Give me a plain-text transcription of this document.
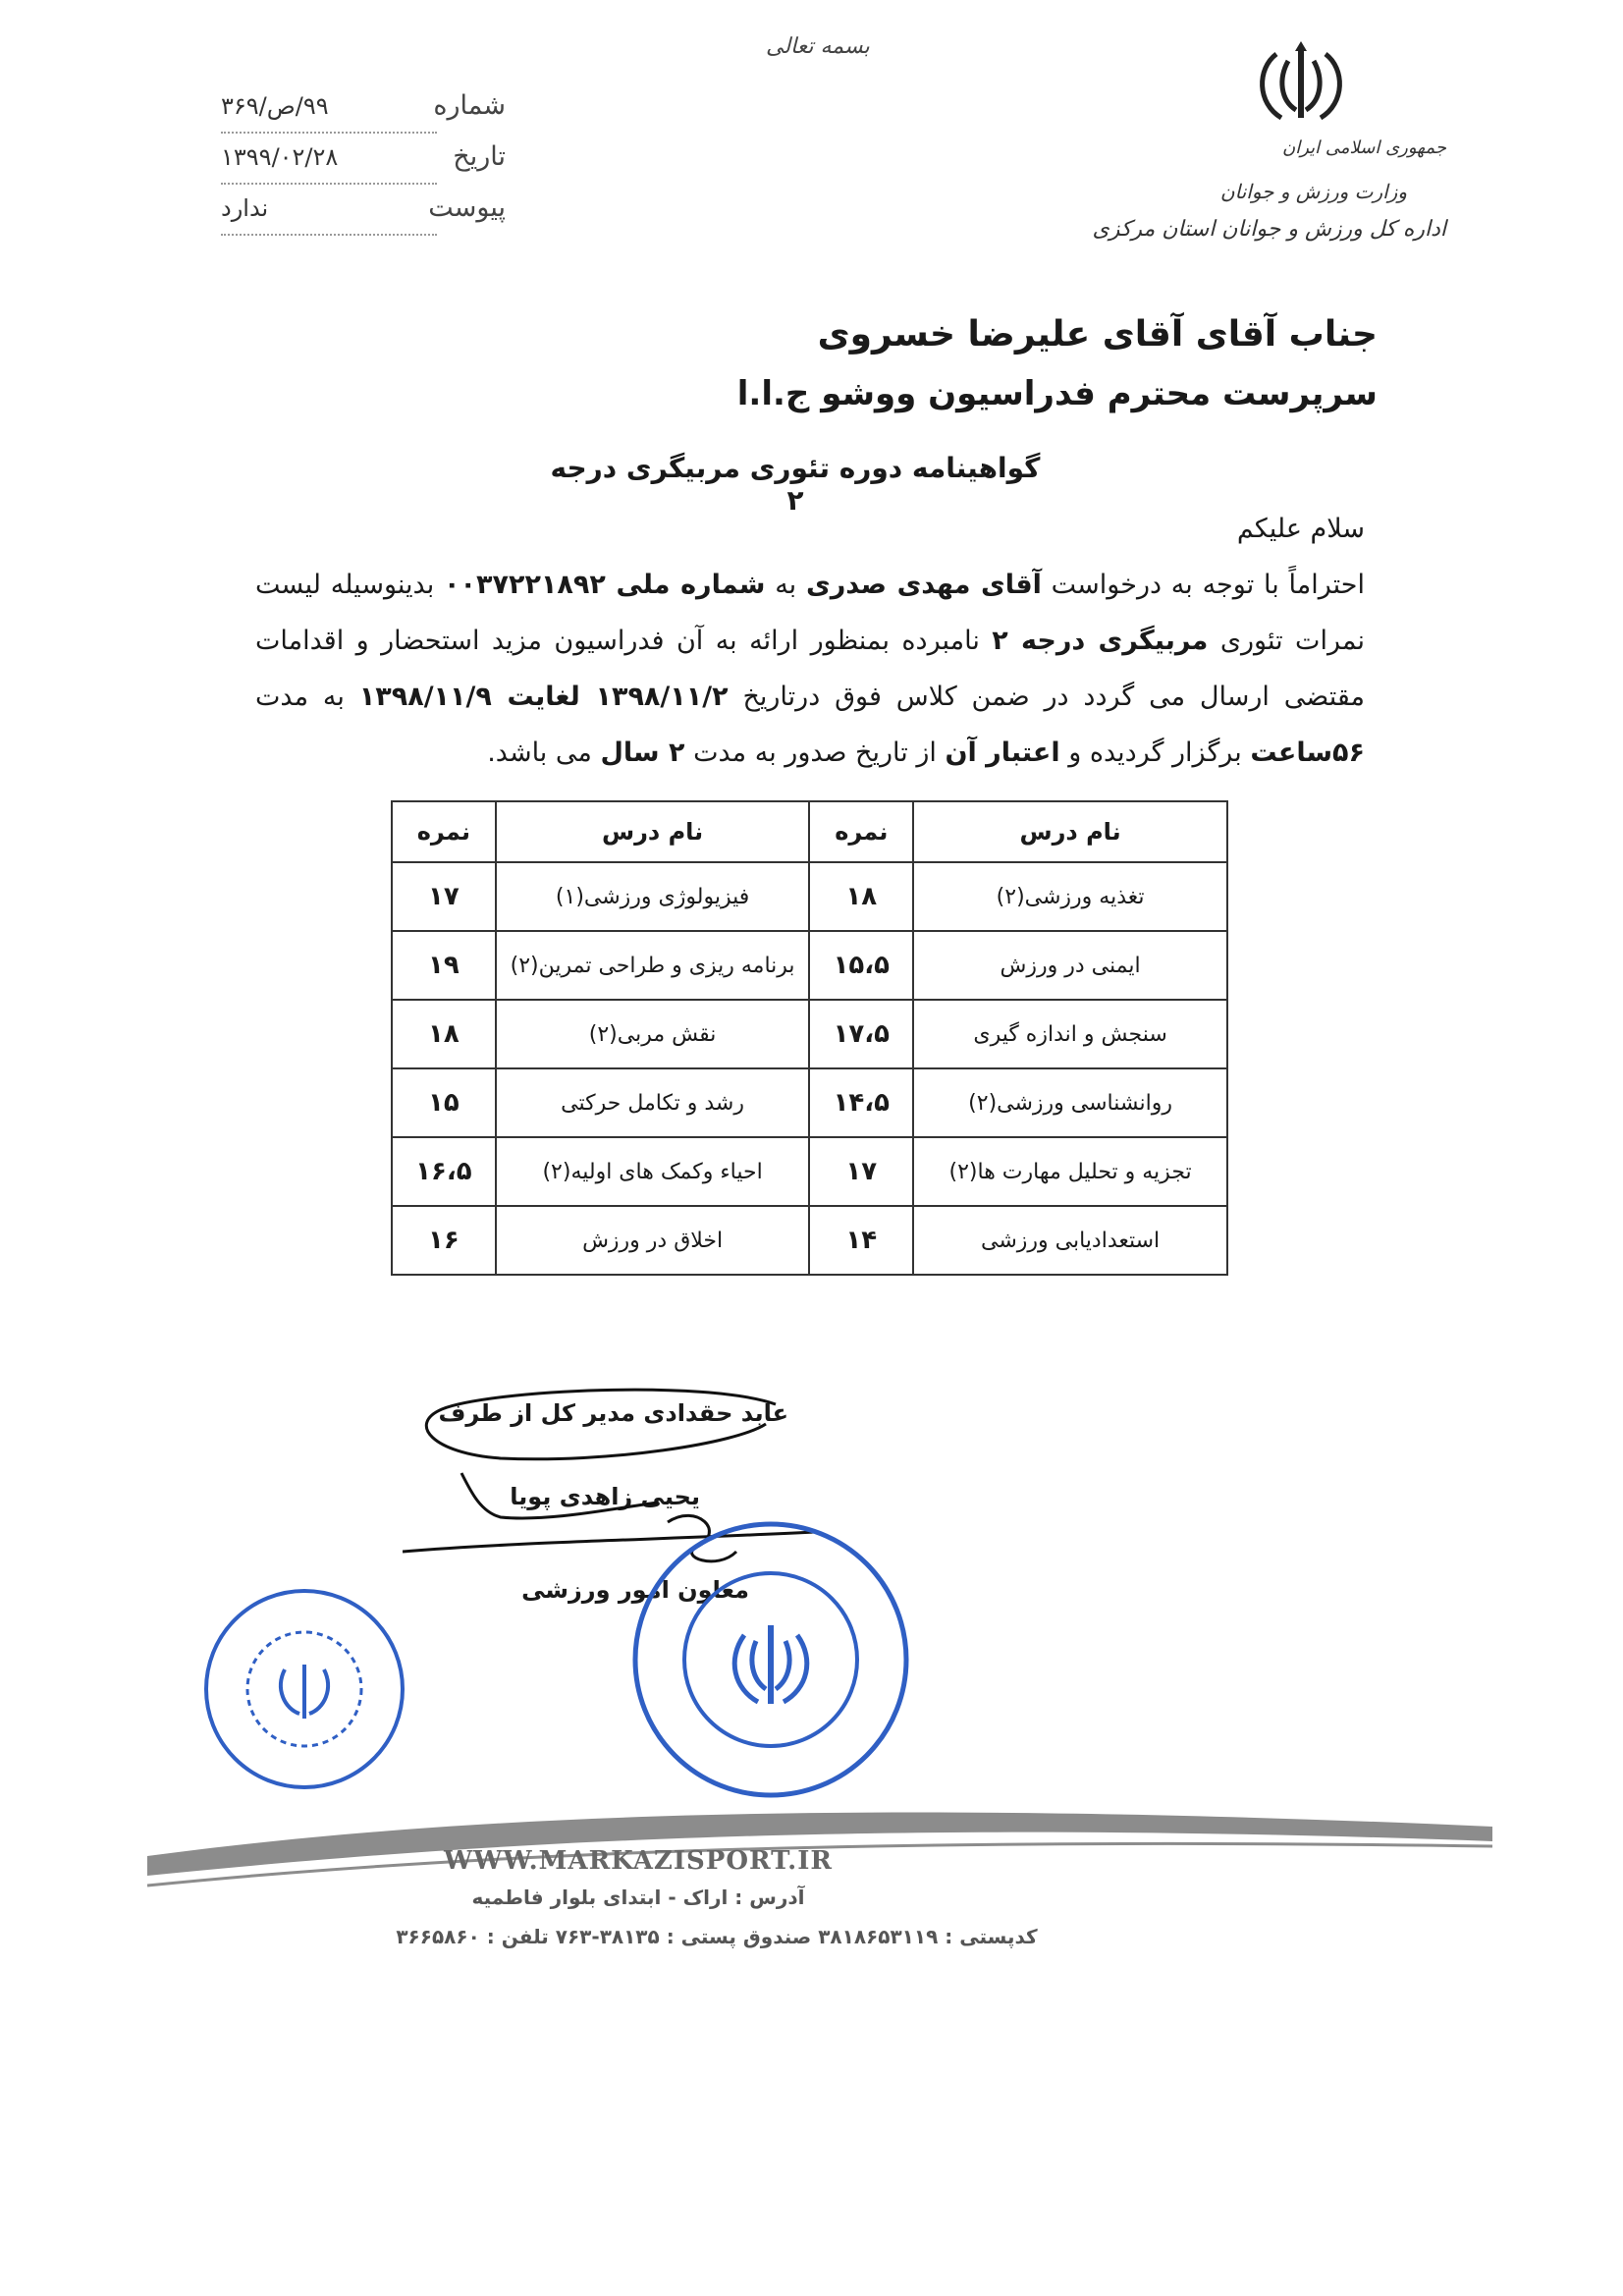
بسمه تعالی
جمهوری اسلامی ایران
وزارت ورزش و جوانان
اداره کل ورزش و جوانان استان مرکزی
شماره
۹۹/ص/۳۶۹
تاریخ
۱۳۹۹/۰۲/۲۸
پیوست
ندارد
جناب آقای آقای علیرضا خسروی
سرپرست محترم فدراسیون ووشو ج.ا.ا
گواهینامه دوره تئوری مربیگری درجه ۲
سلام علیکم
احتراماً با توجه به درخواست آقای مهدی صدری به شماره ملی ۰۰۳۷۲۲۱۸۹۲ بدینوسیله لیست نمرات تئوری مربیگری درجه ۲ نامبرده بمنظور ارائه به آن فدراسیون مزید استحضار و اقدامات مقتضی ارسال می گردد در ضمن کلاس فوق درتاریخ ۱۳۹۸/۱۱/۲ لغایت ۱۳۹۸/۱۱/۹ به مدت ۵۶ساعت برگزار گردیده و اعتبار آن از تاریخ صدور به مدت ۲ سال می باشد.
نام درس	نمره	نام درس	نمره
تغذیه ورزشی(۲)	۱۸	فیزیولوژی ورزشی(۱)	۱۷
ایمنی در ورزش	۱۵،۵	برنامه ریزی و طراحی تمرین(۲)	۱۹
سنجش و اندازه گیری	۱۷،۵	نقش مربی(۲)	۱۸
روانشناسی ورزشی(۲)	۱۴،۵	رشد و تکامل حرکتی	۱۵
تجزیه و تحلیل مهارت ها(۲)	۱۷	احیاء وکمک های اولیه(۲)	۱۶،۵
استعدادیابی ورزشی	۱۴	اخلاق در ورزش	۱۶
عابد حقدادی مدیر کل از طرف
یحیی زاهدی پویا
معاون امور ورزشی
WWW.MARKAZISPORT.IR
آدرس : اراک - ابتدای بلوار فاطمیه
کدپستی : ۳۸۱۸۶۵۳۱۱۹ صندوق پستی : ۳۸۱۳۵-۷۶۳ تلفن : ۳۶۶۵۸۶۰
